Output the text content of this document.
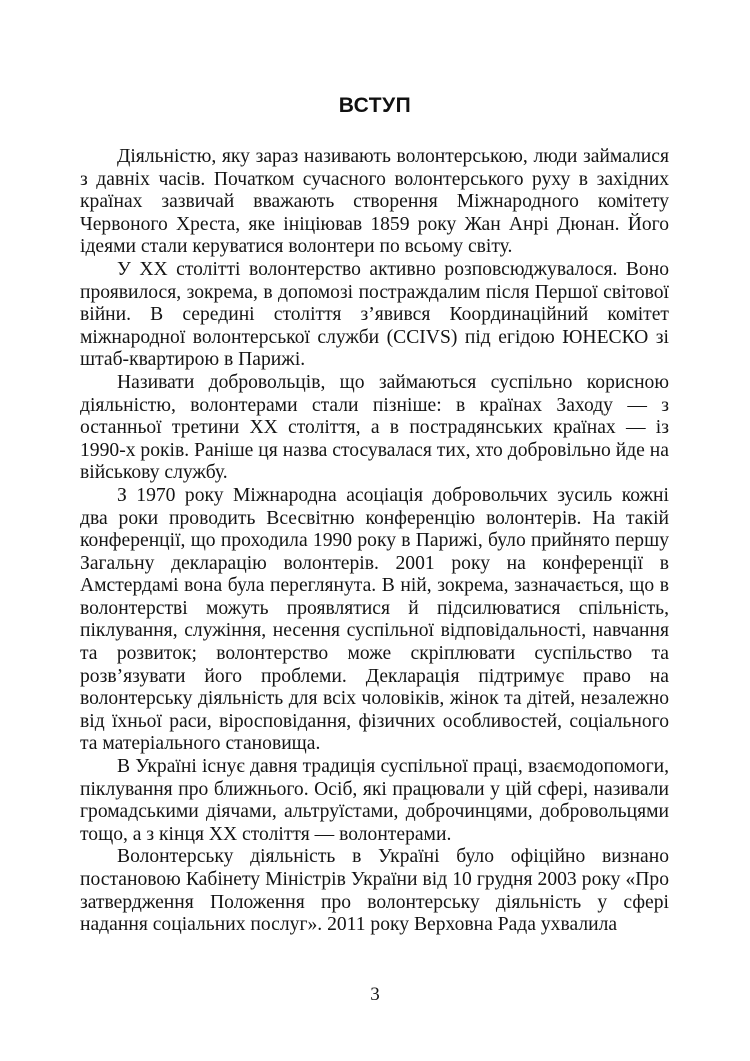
ВСТУП

Діяльністю, яку зараз називають волонтерською, люди займалися з давніх часів. Початком сучасного волонтерського руху в західних країнах зазвичай вважають створення Міжнародного комітету Червоного Хреста, яке ініціював 1859 року Жан Анрі Дюнан. Його ідеями стали керуватися волонтери по всьому світу.

У XX столітті волонтерство активно розповсюджувалося. Воно проявилося, зокрема, в допомозі постраждалим після Першої світової війни. В середині століття з’явився Координаційний комітет міжнародної волонтерської служби (CCIVS) під егідою ЮНЕСКО зі штаб-квартирою в Парижі.

Називати добровольців, що займаються суспільно корисною діяльністю, волонтерами стали пізніше: в країнах Заходу — з останньої третини XX століття, а в пострадянських країнах — із 1990-х років. Раніше ця назва стосувалася тих, хто добровільно йде на військову службу.

З 1970 року Міжнародна асоціація добровольчих зусиль кожні два роки проводить Всесвітню конференцію волонтерів. На такій конференції, що проходила 1990 року в Парижі, було прийнято першу Загальну декларацію волонтерів. 2001 року на конференції в Амстердамі вона була переглянута. В ній, зокрема, зазначається, що в волонтерстві можуть проявлятися й підсилюватися спільність, піклування, служіння, несення суспільної відповідальності, навчання та розвиток; волонтерство може скріплювати суспільство та розв’язувати його проблеми. Декларація підтримує право на волонтерську діяльність для всіх чоловіків, жінок та дітей, незалежно від їхньої раси, віросповідання, фізичних особливостей, соціального та матеріального становища.

В Україні існує давня традиція суспільної праці, взаємодопомоги, піклування про ближнього. Осіб, які працювали у цій сфері, називали громадськими діячами, альтруїстами, доброчинцями, добровольцями тощо, а з кінця XX століття — волонтерами.

Волонтерську діяльність в Україні було офіційно визнано постановою Кабінету Міністрів України від 10 грудня 2003 року «Про затвердження Положення про волонтерську діяльність у сфері надання соціальних послуг». 2011 року Верховна Рада ухвалила

3
